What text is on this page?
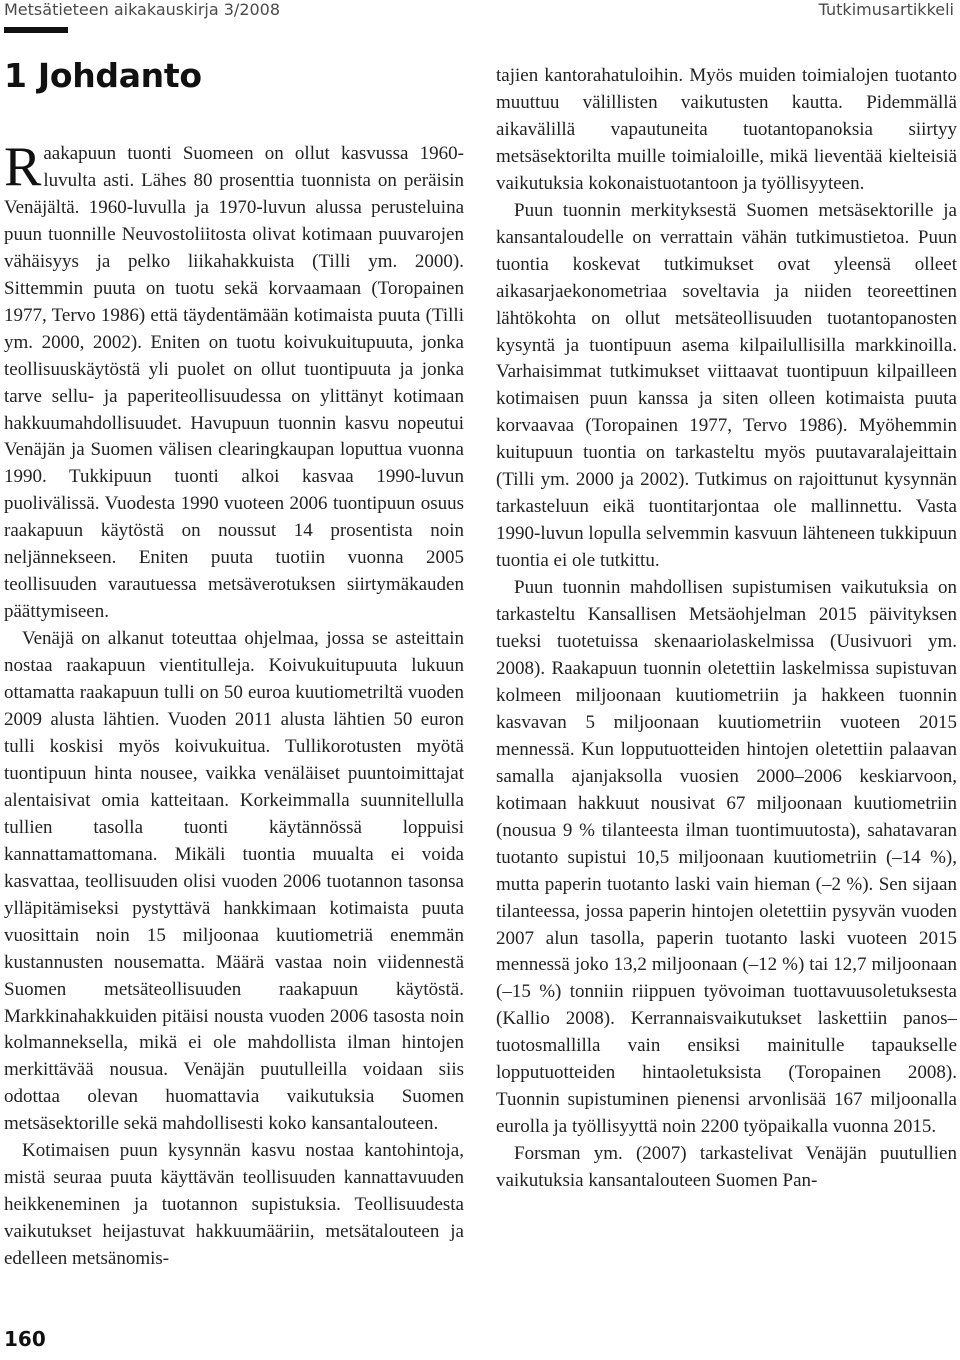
Metsätieteen aikakauskirja 3/2008	Tutkimusartikkeli
1 Johdanto

Raakapuun tuonti Suomeen on ollut kasvussa 1960-luvulta asti. Lähes 80 prosenttia tuonnista on peräisin Venäjältä. 1960-luvulla ja 1970-luvun alussa perusteluina puun tuonnille Neuvostoliitosta olivat kotimaan puuvarojen vähäisyys ja pelko liikahakkuista (Tilli ym. 2000). Sittemmin puuta on tuotu sekä korvaamaan (Toropainen 1977, Tervo 1986) että täydentämään kotimaista puuta (Tilli ym. 2000, 2002). Eniten on tuotu koivukuitupuuta, jonka teollisuuskäytöstä yli puolet on ollut tuontipuuta ja jonka tarve sellu- ja paperiteollisuudessa on ylittänyt kotimaan hakkuumahdollisuudet. Havupuun tuonnin kasvu nopeutui Venäjän ja Suomen välisen clearingkaupan loputtua vuonna 1990. Tukkipuun tuonti alkoi kasvaa 1990-luvun puolivälissä. Vuodesta 1990 vuoteen 2006 tuontipuun osuus raakapuun käytöstä on noussut 14 prosentista noin neljännekseen. Eniten puuta tuotiin vuonna 2005 teollisuuden varautuessa metsäverotuksen siirtymäkauden päättymiseen.

Venäjä on alkanut toteuttaa ohjelmaa, jossa se asteittain nostaa raakapuun vientitulleja. Koivukuitupuuta lukuun ottamatta raakapuun tulli on 50 euroa kuutiometriltä vuoden 2009 alusta lähtien. Vuoden 2011 alusta lähtien 50 euron tulli koskisi myös koivukuitua. Tullikorotusten myötä tuontipuun hinta nousee, vaikka venäläiset puuntoimittajat alentaisivat omia katteitaan. Korkeimmalla suunnitellulla tullien tasolla tuonti käytännössä loppuisi kannattamattomana. Mikäli tuontia muualta ei voida kasvattaa, teollisuuden olisi vuoden 2006 tuotannon tasonsa ylläpitämiseksi pystyttävä hankkimaan kotimaista puuta vuosittain noin 15 miljoonaa kuutiometriä enemmän kustannusten nousematta. Määrä vastaa noin viidennestä Suomen metsäteollisuuden raakapuun käytöstä. Markkinahakkuiden pitäisi nousta vuoden 2006 tasosta noin kolmanneksella, mikä ei ole mahdollista ilman hintojen merkittävää nousua. Venäjän puutulleilla voidaan siis odottaa olevan huomattavia vaikutuksia Suomen metsäsektorille sekä mahdollisesti koko kansantalouteen.

Kotimaisen puun kysynnän kasvu nostaa kantohintoja, mistä seuraa puuta käyttävän teollisuuden kannattavuuden heikkeneminen ja tuotannon supistuksia. Teollisuudesta vaikutukset heijastuvat hakkuumääriin, metsätalouteen ja edelleen metsänomis-

tajien kantorahatuloihin. Myös muiden toimialojen tuotanto muuttuu välillisten vaikutusten kautta. Pidemmällä aikavälillä vapautuneita tuotantopanoksia siirtyy metsäsektorilta muille toimialoille, mikä lieventää kielteisiä vaikutuksia kokonaistuotantoon ja työllisyyteen.

Puun tuonnin merkityksestä Suomen metsäsektorille ja kansantaloudelle on verrattain vähän tutkimustietoa. Puun tuontia koskevat tutkimukset ovat yleensä olleet aikasarjaekonometriaa soveltavia ja niiden teoreettinen lähtökohta on ollut metsäteollisuuden tuotantopanosten kysyntä ja tuontipuun asema kilpailullisilla markkinoilla. Varhaisimmat tutkimukset viittaavat tuontipuun kilpailleen kotimaisen puun kanssa ja siten olleen kotimaista puuta korvaavaa (Toropainen 1977, Tervo 1986). Myöhemmin kuitupuun tuontia on tarkasteltu myös puutavaralajeittain (Tilli ym. 2000 ja 2002). Tutkimus on rajoittunut kysynnän tarkasteluun eikä tuontitarjontaa ole mallinnettu. Vasta 1990-luvun lopulla selvemmin kasvuun lähteneen tukkipuun tuontia ei ole tutkittu.

Puun tuonnin mahdollisen supistumisen vaikutuksia on tarkasteltu Kansallisen Metsäohjelman 2015 päivityksen tueksi tuotetuissa skenaariolaskelmissa (Uusivuori ym. 2008). Raakapuun tuonnin oletettiin laskelmissa supistuvan kolmeen miljoonaan kuutiometriin ja hakkeen tuonnin kasvavan 5 miljoonaan kuutiometriin vuoteen 2015 mennessä. Kun lopputuotteiden hintojen oletettiin palaavan samalla ajanjaksolla vuosien 2000–2006 keskiarvoon, kotimaan hakkuut nousivat 67 miljoonaan kuutiometriin (nousua 9 % tilanteesta ilman tuontimuutosta), sahatavaran tuotanto supistui 10,5 miljoonaan kuutiometriin (–14 %), mutta paperin tuotanto laski vain hieman (–2 %). Sen sijaan tilanteessa, jossa paperin hintojen oletettiin pysyvän vuoden 2007 alun tasolla, paperin tuotanto laski vuoteen 2015 mennessä joko 13,2 miljoonaan (–12 %) tai 12,7 miljoonaan (–15 %) tonniin riippuen työvoiman tuottavuusoletuksesta (Kallio 2008). Kerrannaisvaikutukset laskettiin panos–tuotosmallilla vain ensiksi mainitulle tapaukselle lopputuotteiden hintaoletuksista (Toropainen 2008). Tuonnin supistuminen pienensi arvonlisää 167 miljoonalla eurolla ja työllisyyttä noin 2200 työpaikalla vuonna 2015.

Forsman ym. (2007) tarkastelivat Venäjän puutullien vaikutuksia kansantalouteen Suomen Pan-

160
